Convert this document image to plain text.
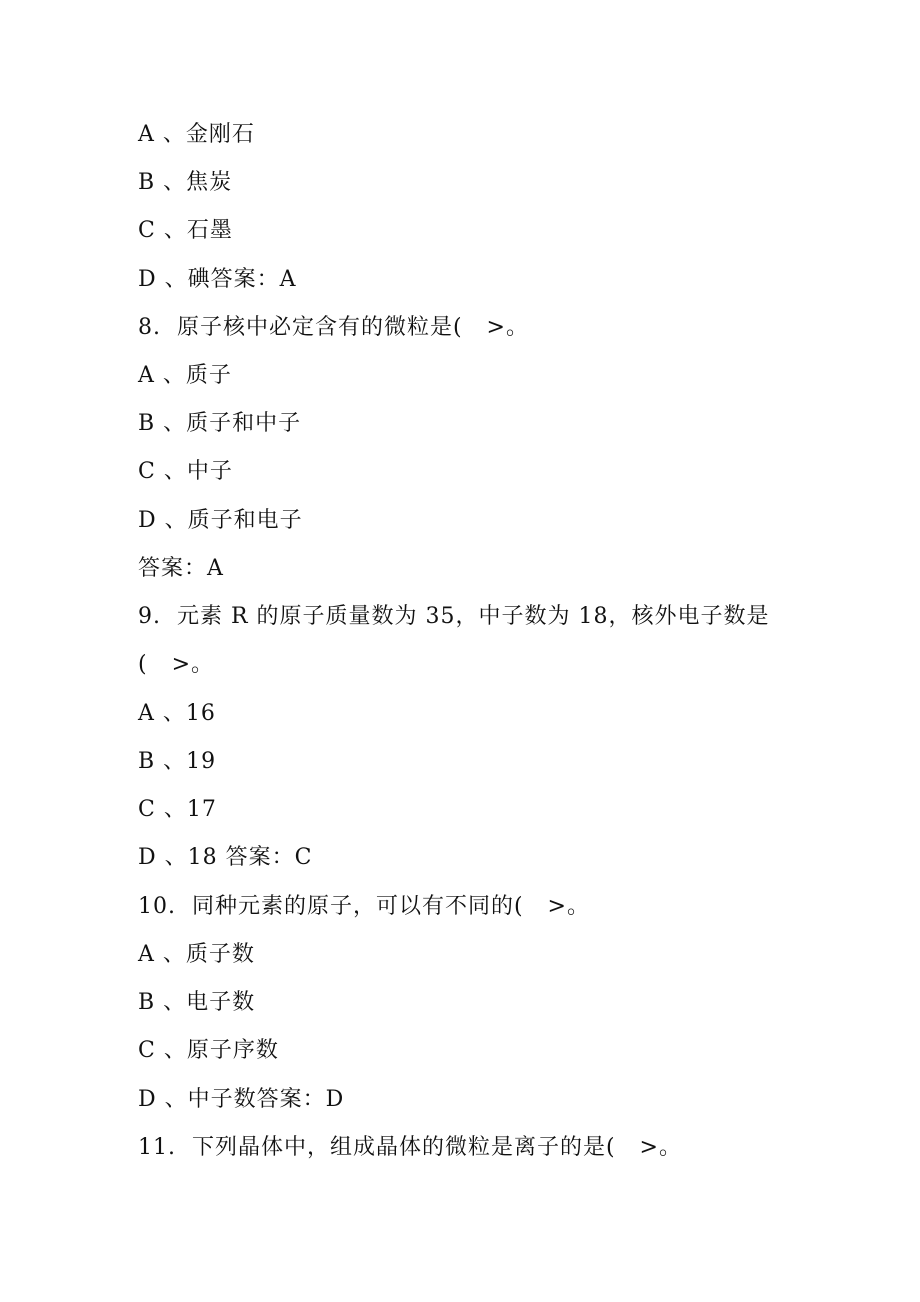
A 、金刚石
B 、焦炭
C 、石墨
D 、碘答案：A
8.  原子核中必定含有的微粒是(   >。
A 、质子
B 、质子和中子
C 、中子
D 、质子和电子
答案：A
9.  元素 R 的原子质量数为 35，中子数为 18，核外电子数是
(   >。
A 、16
B 、19
C 、17
D 、18 答案：C
10.  同种元素的原子，可以有不同的(   >。
A 、质子数
B 、电子数
C 、原子序数
D 、中子数答案：D
11.  下列晶体中，组成晶体的微粒是离子的是(   >。
